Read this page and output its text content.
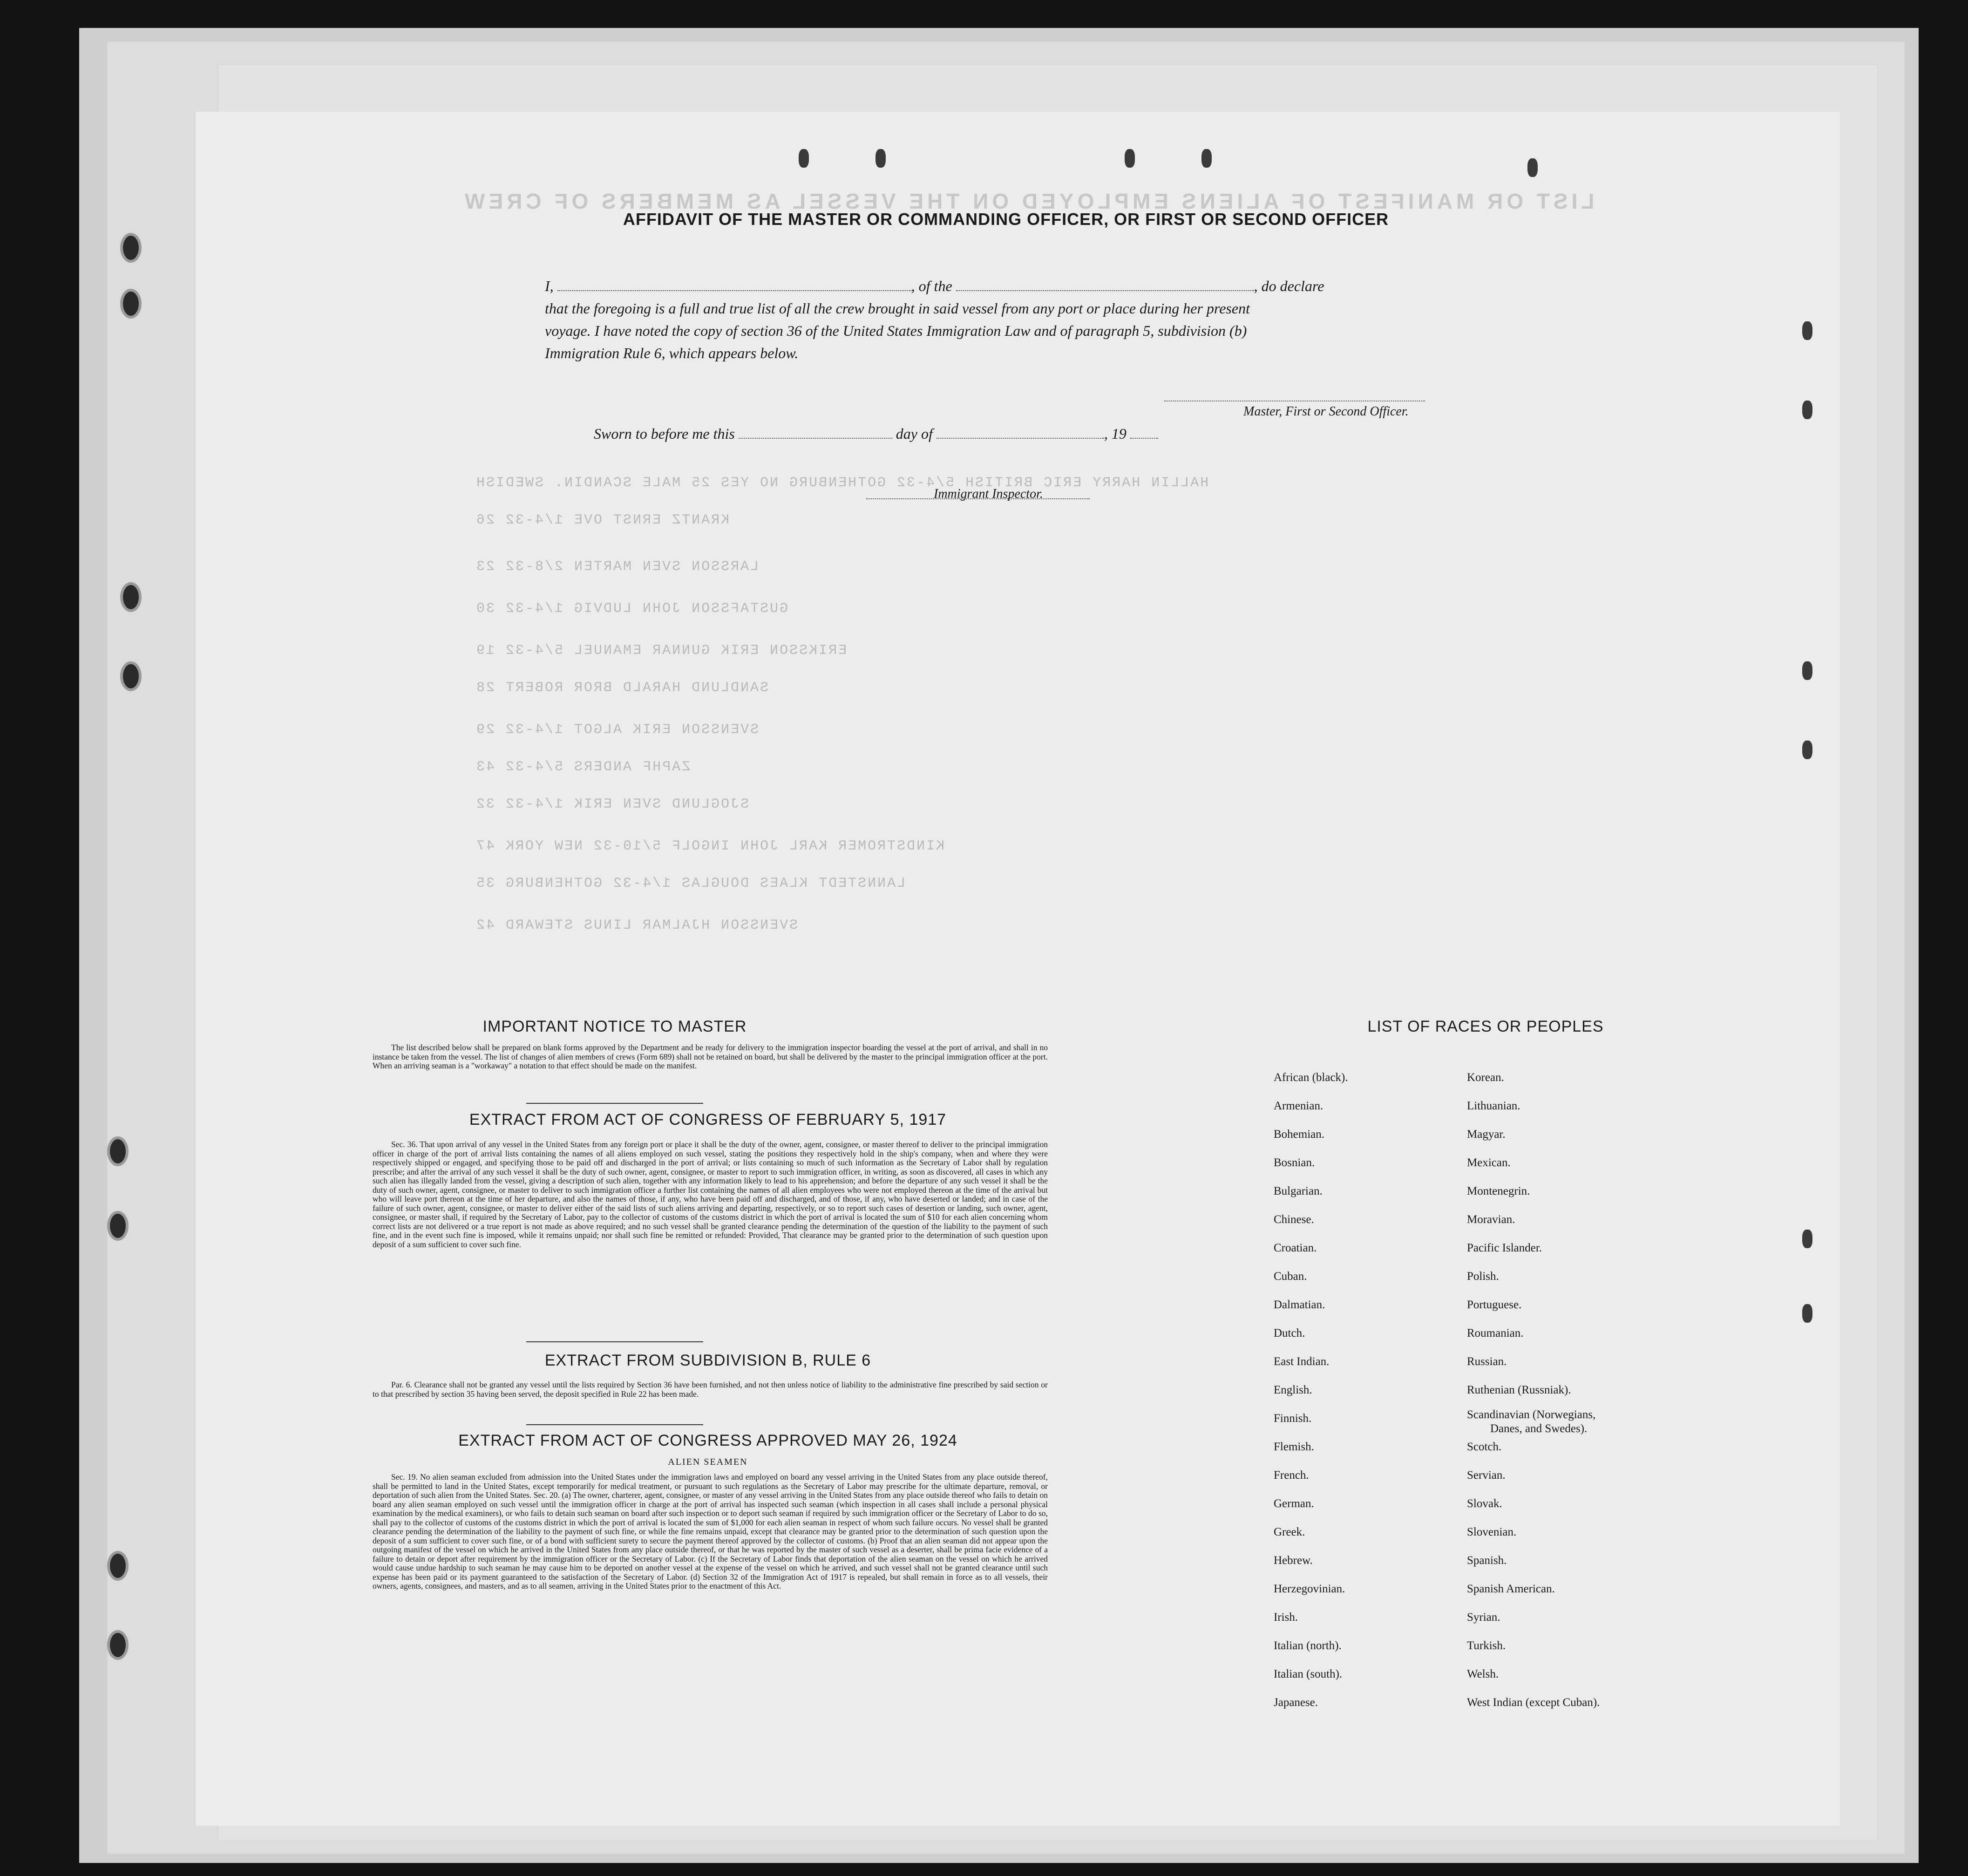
LIST OR MANIFEST OF ALIENS EMPLOYED ON THE VESSEL AS MEMBERS OF CREW
HALLIN HARRY ERIC BRITISH 5/4-32 GOTHENBURG NO YES 25 MALE SCANDIN. SWEDISH
KRANTZ ERNST OVE 1/4-32 26
LARSSON SVEN MARTEN 2/8-32 23
GUSTAFSSON JOHN LUDVIG 1/4-32 30
ERIKSSON ERIK GUNNAR EMANUEL 5/4-32 19
SANDLUND HARALD BROR ROBERT 28
SVENSSON ERIK ALGOT 1/4-32 29
ZAPHF ANDERS 5/4-32 43
SJOGLUND SVEN ERIK 1/4-32 32
KINDSTROMER KARL JOHN INGOLF 5/10-32 NEW YORK 47
LANNSTEDT KLAES DOUGLAS 1/4-32 GOTHENBURG 35
SVENSSON HJALMAR LINUS STEWARD 42
AFFIDAVIT OF THE MASTER OR COMMANDING OFFICER, OR FIRST OR SECOND OFFICER
I,	, of the	, do declare
that the foregoing is a full and true list of all the crew brought in said vessel from any port or place during her present
voyage. I have noted the copy of section 36 of the United States Immigration Law and of paragraph 5, subdivision (b)
Immigration Rule 6, which appears below.
Master, First or Second Officer.
Sworn to before me this	day of	, 19
Immigrant Inspector.
IMPORTANT NOTICE TO MASTER
The list described below shall be prepared on blank forms approved by the Department and be ready for delivery to the immigration inspector boarding the vessel at the port of arrival, and shall in no instance be taken from the vessel. The list of changes of alien members of crews (Form 689) shall not be retained on board, but shall be delivered by the master to the principal immigration officer at the port. When an arriving seaman is a "workaway" a notation to that effect should be made on the manifest.
EXTRACT FROM ACT OF CONGRESS OF FEBRUARY 5, 1917
Sec. 36. That upon arrival of any vessel in the United States from any foreign port or place it shall be the duty of the owner, agent, consignee, or master thereof to deliver to the principal immigration officer in charge of the port of arrival lists containing the names of all aliens employed on such vessel, stating the positions they respectively hold in the ship's company, when and where they were respectively shipped or engaged, and specifying those to be paid off and discharged in the port of arrival; or lists containing so much of such information as the Secretary of Labor shall by regulation prescribe; and after the arrival of any such vessel it shall be the duty of such owner, agent, consignee, or master to report to such immigration officer, in writing, as soon as discovered, all cases in which any such alien has illegally landed from the vessel, giving a description of such alien, together with any information likely to lead to his apprehension; and before the departure of any such vessel it shall be the duty of such owner, agent, consignee, or master to deliver to such immigration officer a further list containing the names of all alien employees who were not employed thereon at the time of the arrival but who will leave port thereon at the time of her departure, and also the names of those, if any, who have been paid off and discharged, and of those, if any, who have deserted or landed; and in case of the failure of such owner, agent, consignee, or master to deliver either of the said lists of such aliens arriving and departing, respectively, or so to report such cases of desertion or landing, such owner, agent, consignee, or master shall, if required by the Secretary of Labor, pay to the collector of customs of the customs district in which the port of arrival is located the sum of $10 for each alien concerning whom correct lists are not delivered or a true report is not made as above required; and no such vessel shall be granted clearance pending the determination of the question of the liability to the payment of such fine, and in the event such fine is imposed, while it remains unpaid; nor shall such fine be remitted or refunded: Provided, That clearance may be granted prior to the determination of such question upon deposit of a sum sufficient to cover such fine.
EXTRACT FROM SUBDIVISION B, RULE 6
Par. 6. Clearance shall not be granted any vessel until the lists required by Section 36 have been furnished, and not then unless notice of liability to the administrative fine prescribed by said section or to that prescribed by section 35 having been served, the deposit specified in Rule 22 has been made.
EXTRACT FROM ACT OF CONGRESS APPROVED MAY 26, 1924
ALIEN SEAMEN
Sec. 19. No alien seaman excluded from admission into the United States under the immigration laws and employed on board any vessel arriving in the United States from any place outside thereof, shall be permitted to land in the United States, except temporarily for medical treatment, or pursuant to such regulations as the Secretary of Labor may prescribe for the ultimate departure, removal, or deportation of such alien from the United States. Sec. 20. (a) The owner, charterer, agent, consignee, or master of any vessel arriving in the United States from any place outside thereof who fails to detain on board any alien seaman employed on such vessel until the immigration officer in charge at the port of arrival has inspected such seaman (which inspection in all cases shall include a personal physical examination by the medical examiners), or who fails to detain such seaman on board after such inspection or to deport such seaman if required by such immigration officer or the Secretary of Labor to do so, shall pay to the collector of customs of the customs district in which the port of arrival is located the sum of $1,000 for each alien seaman in respect of whom such failure occurs. No vessel shall be granted clearance pending the determination of the liability to the payment of such fine, or while the fine remains unpaid, except that clearance may be granted prior to the determination of such question upon the deposit of a sum sufficient to cover such fine, or of a bond with sufficient surety to secure the payment thereof approved by the collector of customs. (b) Proof that an alien seaman did not appear upon the outgoing manifest of the vessel on which he arrived in the United States from any place outside thereof, or that he was reported by the master of such vessel as a deserter, shall be prima facie evidence of a failure to detain or deport after requirement by the immigration officer or the Secretary of Labor. (c) If the Secretary of Labor finds that deportation of the alien seaman on the vessel on which he arrived would cause undue hardship to such seaman he may cause him to be deported on another vessel at the expense of the vessel on which he arrived, and such vessel shall not be granted clearance until such expense has been paid or its payment guaranteed to the satisfaction of the Secretary of Labor. (d) Section 32 of the Immigration Act of 1917 is repealed, but shall remain in force as to all vessels, their owners, agents, consignees, and masters, and as to all seamen, arriving in the United States prior to the enactment of this Act.
LIST OF RACES OR PEOPLES
African (black).
Armenian.
Bohemian.
Bosnian.
Bulgarian.
Chinese.
Croatian.
Cuban.
Dalmatian.
Dutch.
East Indian.
English.
Finnish.
Flemish.
French.
German.
Greek.
Hebrew.
Herzegovinian.
Irish.
Italian (north).
Italian (south).
Japanese.
Korean.
Lithuanian.
Magyar.
Mexican.
Montenegrin.
Moravian.
Pacific Islander.
Polish.
Portuguese.
Roumanian.
Russian.
Ruthenian (Russniak).
Scandinavian (Norwegians,
Danes, and Swedes).
Scotch.
Servian.
Slovak.
Slovenian.
Spanish.
Spanish American.
Syrian.
Turkish.
Welsh.
West Indian (except Cuban).
